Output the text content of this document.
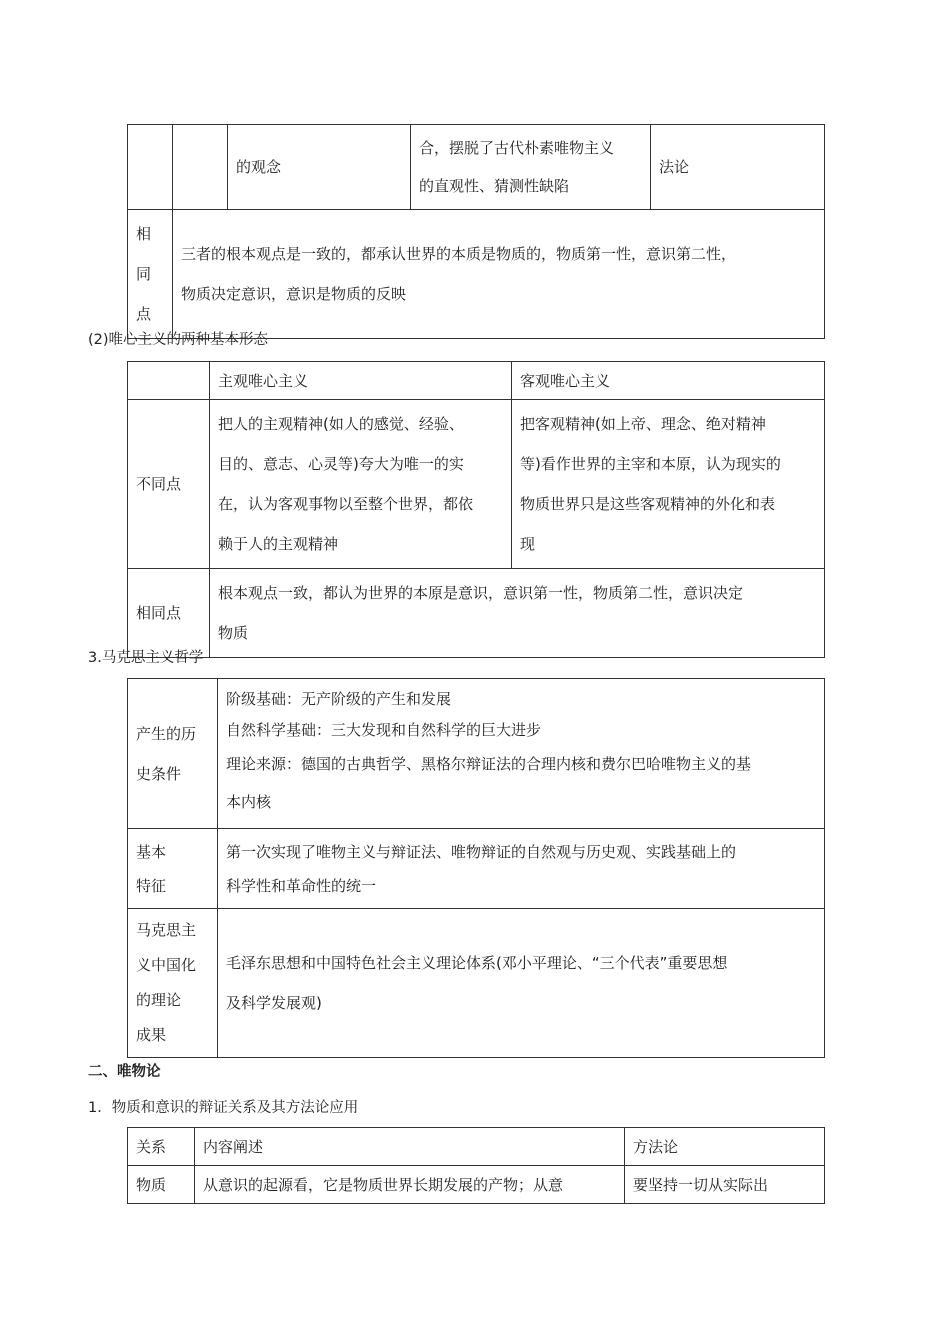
		的观念	合，摆脱了古代朴素唯物主义
的直观性、猜测性缺陷	法论

相
同
点	三者的根本观点是一致的，都承认世界的本质是物质的，物质第一性，意识第二性，
物质决定意识，意识是物质的反映			
(2)唯心主义的两种基本形态
	主观唯心主义	客观唯心主义
不同点	把人的主观精神(如人的感觉、经验、
目的、意志、心灵等)夸大为唯一的实
在，认为客观事物以至整个世界，都依
赖于人的主观精神	把客观精神(如上帝、理念、绝对精神
等)看作世界的主宰和本原，认为现实的
物质世界只是这些客观精神的外化和表
现

相同点	根本观点一致，都认为世界的本原是意识，意识第一性，物质第二性，意识决定
物质	
3.马克思主义哲学
产生的历
史条件	阶级基础：无产阶级的产生和发展
自然科学基础：三大发现和自然科学的巨大进步
理论来源：德国的古典哲学、黑格尔辩证法的合理内核和费尔巴哈唯物主义的基
本内核

基本
特征	第一次实现了唯物主义与辩证法、唯物辩证的自然观与历史观、实践基础上的
科学性和革命性的统一

马克思主
义中国化
的理论
成果	毛泽东思想和中国特色社会主义理论体系(邓小平理论、“三个代表”重要思想
及科学发展观)
二、唯物论
1．物质和意识的辩证关系及其方法论应用
关系	内容阐述	方法论
物质	从意识的起源看，它是物质世界长期发展的产物；从意	要坚持一切从实际出
